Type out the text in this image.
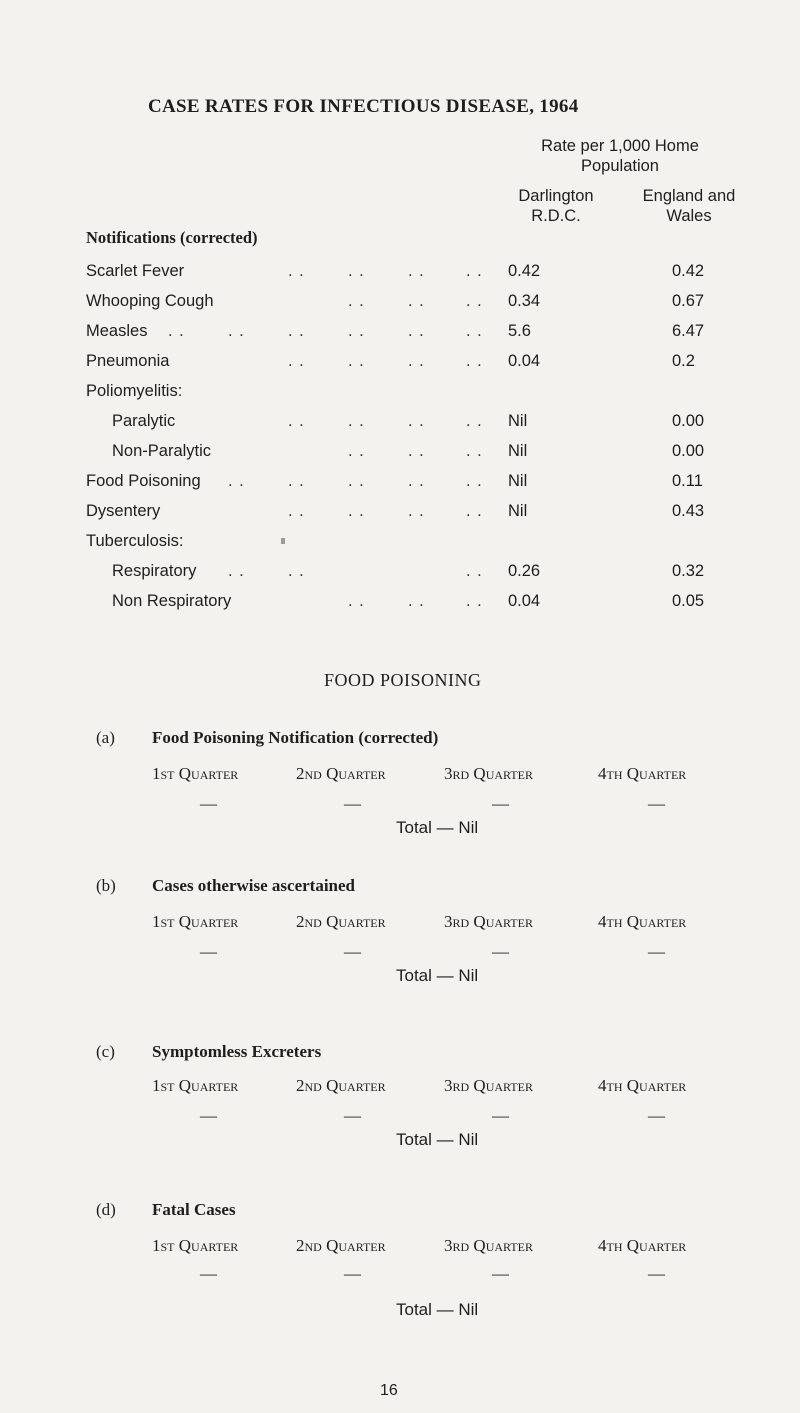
CASE RATES FOR INFECTIOUS DISEASE, 1964
Rate per 1,000 Home
Population
Darlington
R.D.C.
England and
Wales
Notifications (corrected)
Scarlet Fever	. .	. .	. . . . 0.42	0.42
Whooping Cough	. .	. . . . 0.34	0.67
Measles . .	. .	. .	. .	. . . . 5.6	6.47
Pneumonia	. .	. .	. . . . 0.04	0.2
Poliomyelitis:
Paralytic	. .	. .	. . . . Nil	0.00
Non-Paralytic	. .	. . . . Nil	0.00
Food Poisoning . .	. .	. .	. . . . Nil	0.11
Dysentery	. .	. .	. . . . Nil	0.43
Tuberculosis:
Respiratory . .	. .	. . 0.26	0.32
Non Respiratory	. .	. . . . 0.04	0.05
FOOD POISONING
(a) Food Poisoning Notification (corrected)
1st Quarter	2nd Quarter	3rd Quarter	4th Quarter
—	—	—	—
Total — Nil
(b) Cases otherwise ascertained
1st Quarter	2nd Quarter	3rd Quarter	4th Quarter
—	—	—	—
Total — Nil
(c) Symptomless Excreters
1st Quarter	2nd Quarter	3rd Quarter	4th Quarter
—	—	—	—
Total — Nil
(d) Fatal Cases
1st Quarter	2nd Quarter	3rd Quarter	4th Quarter
—	—	—	—
Total — Nil
16
